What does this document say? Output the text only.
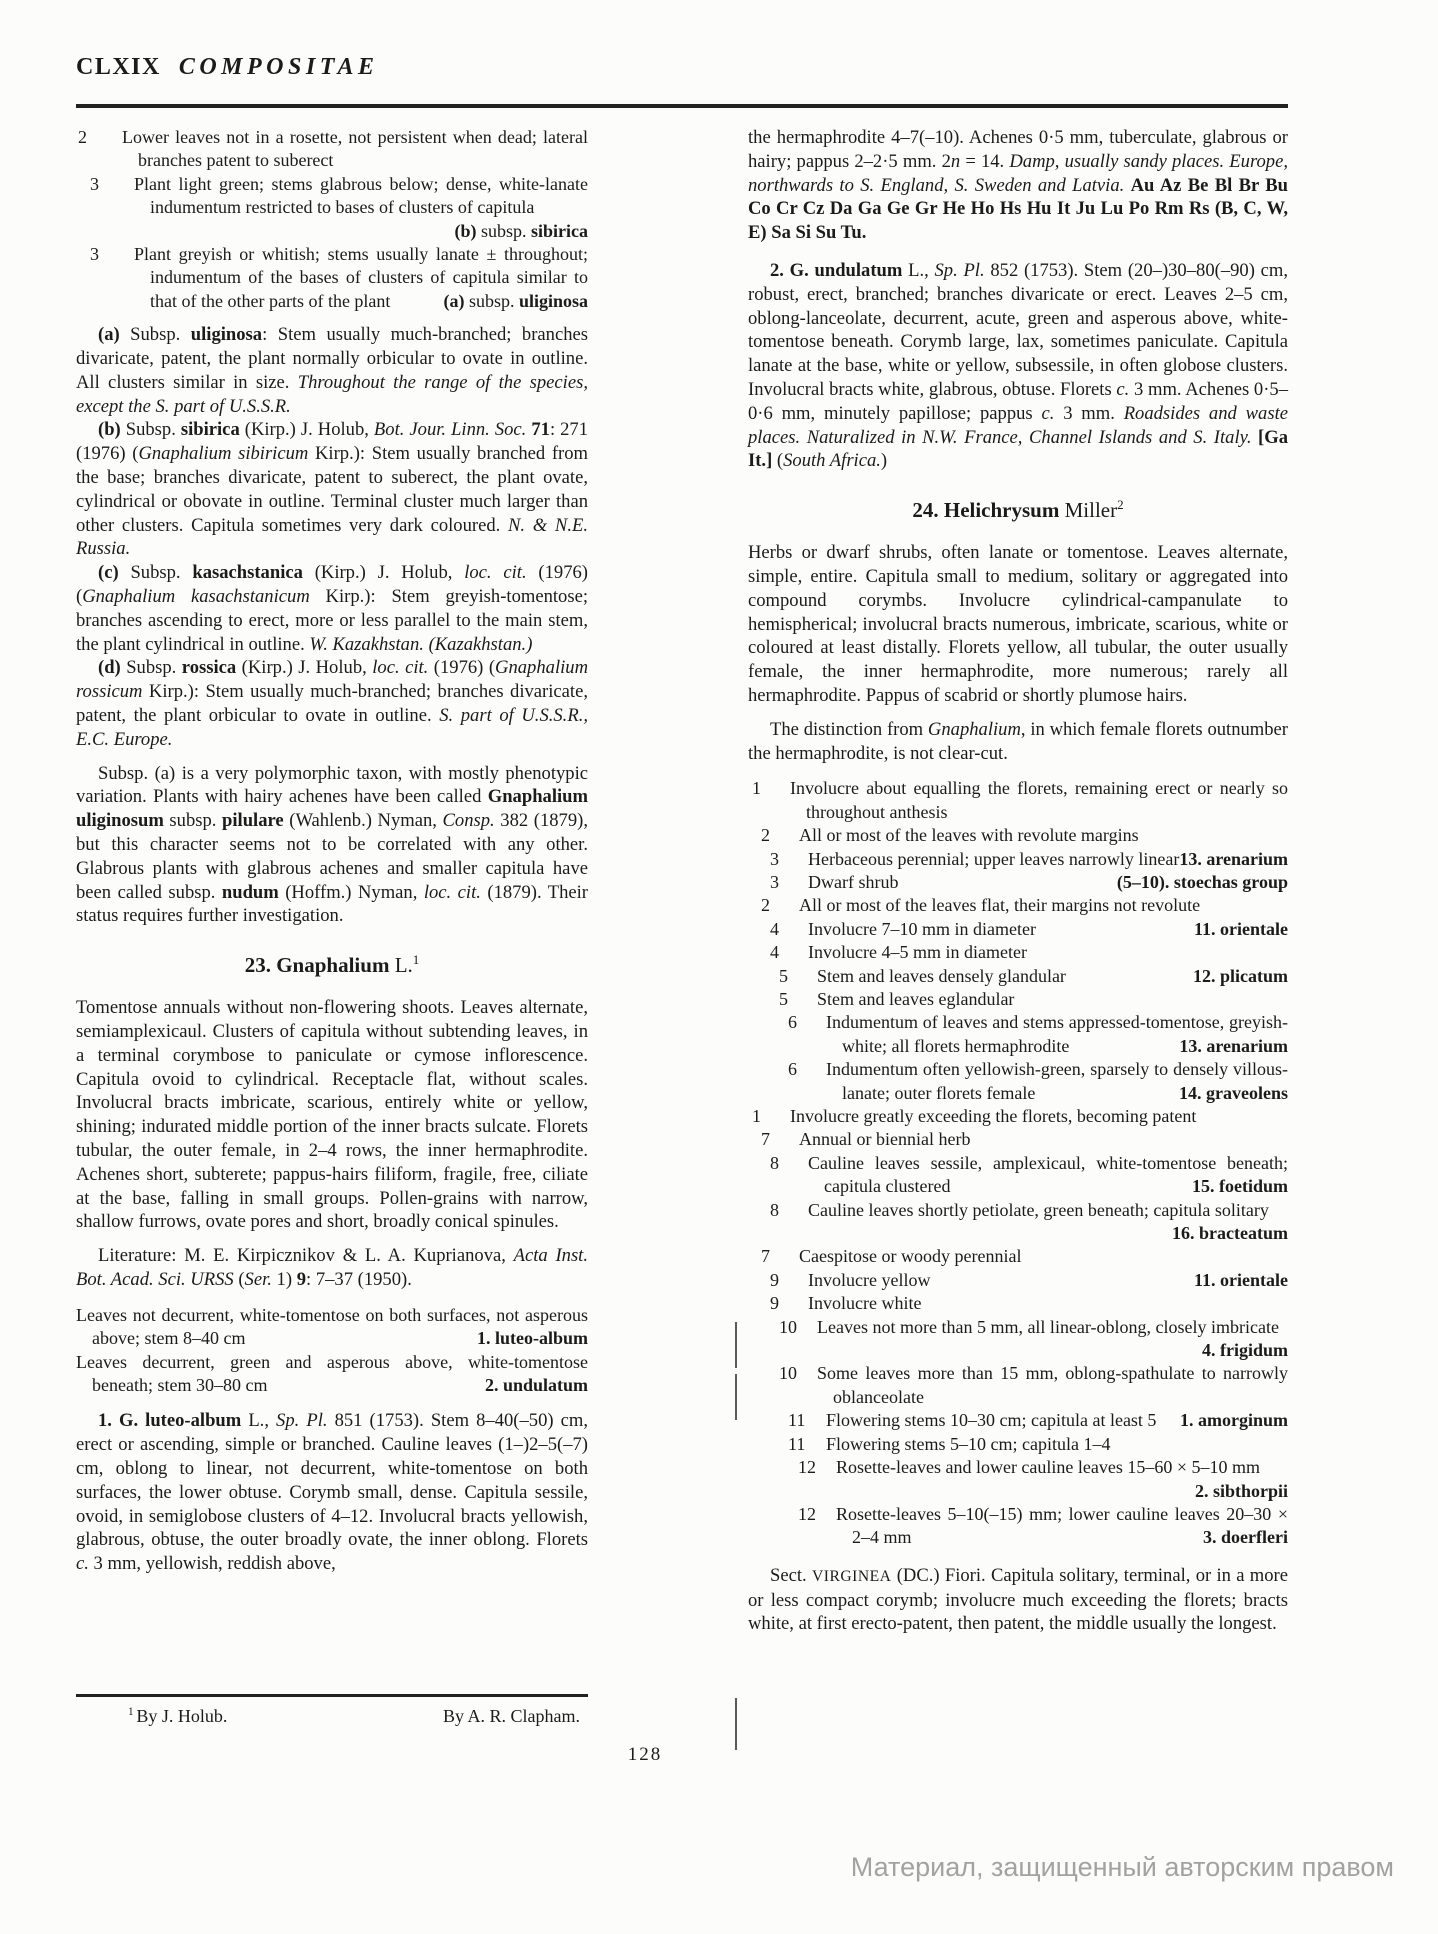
CLXIX COMPOSITAE
2 Lower leaves not in a rosette, not persistent when dead; lateral branches patent to suberect
3 Plant light green; stems glabrous below; dense, white-lanate indumentum restricted to bases of clusters of capitula
(b) subsp. sibirica
3 Plant greyish or whitish; stems usually lanate ± throughout; indumentum of the bases of clusters of capitula similar to that of the other parts of the plant	(a) subsp. uliginosa

(a) Subsp. uliginosa: Stem usually much-branched; branches divaricate, patent, the plant normally orbicular to ovate in outline. All clusters similar in size. Throughout the range of the species, except the S. part of U.S.S.R.

(b) Subsp. sibirica (Kirp.) J. Holub, Bot. Jour. Linn. Soc. 71: 271 (1976) (Gnaphalium sibiricum Kirp.): Stem usually branched from the base; branches divaricate, patent to suberect, the plant ovate, cylindrical or obovate in outline. Terminal cluster much larger than other clusters. Capitula sometimes very dark coloured. N. & N.E. Russia.

(c) Subsp. kasachstanica (Kirp.) J. Holub, loc. cit. (1976) (Gnaphalium kasachstanicum Kirp.): Stem greyish-tomentose; branches ascending to erect, more or less parallel to the main stem, the plant cylindrical in outline. W. Kazakhstan. (Kazakhstan.)

(d) Subsp. rossica (Kirp.) J. Holub, loc. cit. (1976) (Gnaphalium rossicum Kirp.): Stem usually much-branched; branches divaricate, patent, the plant orbicular to ovate in outline. S. part of U.S.S.R., E.C. Europe.

Subsp. (a) is a very polymorphic taxon, with mostly phenotypic variation. Plants with hairy achenes have been called Gnaphalium uliginosum subsp. pilulare (Wahlenb.) Nyman, Consp. 382 (1879), but this character seems not to be correlated with any other. Glabrous plants with glabrous achenes and smaller capitula have been called subsp. nudum (Hoffm.) Nyman, loc. cit. (1879). Their status requires further investigation.

23. Gnaphalium L.$^1$

Tomentose annuals without non-flowering shoots. Leaves alternate, semiamplexicaul. Clusters of capitula without subtending leaves, in a terminal corymbose to paniculate or cymose inflorescence. Capitula ovoid to cylindrical. Receptacle flat, without scales. Involucral bracts imbricate, scarious, entirely white or yellow, shining; indurated middle portion of the inner bracts sulcate. Florets tubular, the outer female, in 2–4 rows, the inner hermaphrodite. Achenes short, subterete; pappus-hairs filiform, fragile, free, ciliate at the base, falling in small groups. Pollen-grains with narrow, shallow furrows, ovate pores and short, broadly conical spinules.

Literature: M. E. Kirpicznikov & L. A. Kuprianova, Acta Inst. Bot. Acad. Sci. URSS (Ser. 1) 9: 7–37 (1950).

Leaves not decurrent, white-tomentose on both surfaces, not asperous above; stem 8–40 cm	1. luteo-album
Leaves decurrent, green and asperous above, white-tomentose beneath; stem 30–80 cm	2. undulatum

1. G. luteo-album L., Sp. Pl. 851 (1753). Stem 8–40(–50) cm, erect or ascending, simple or branched. Cauline leaves (1–)2–5(–7) cm, oblong to linear, not decurrent, white-tomentose on both surfaces, the lower obtuse. Corymb small, dense. Capitula sessile, ovoid, in semiglobose clusters of 4–12. Involucral bracts yellowish, glabrous, obtuse, the outer broadly ovate, the inner oblong. Florets c. 3 mm, yellowish, reddish above,

the hermaphrodite 4–7(–10). Achenes 0·5 mm, tuberculate, glabrous or hairy; pappus 2–2·5 mm. 2n = 14. Damp, usually sandy places. Europe, northwards to S. England, S. Sweden and Latvia. Au Az Be Bl Br Bu Co Cr Cz Da Ga Ge Gr He Ho Hs Hu It Ju Lu Po Rm Rs (B, C, W, E) Sa Si Su Tu.

2. G. undulatum L., Sp. Pl. 852 (1753). Stem (20–)30–80(–90) cm, robust, erect, branched; branches divaricate or erect. Leaves 2–5 cm, oblong-lanceolate, decurrent, acute, green and asperous above, white-tomentose beneath. Corymb large, lax, sometimes paniculate. Capitula lanate at the base, white or yellow, subsessile, in often globose clusters. Involucral bracts white, glabrous, obtuse. Florets c. 3 mm. Achenes 0·5–0·6 mm, minutely papillose; pappus c. 3 mm. Roadsides and waste places. Naturalized in N.W. France, Channel Islands and S. Italy. [Ga It.] (South Africa.)

24. Helichrysum Miller$^2$

Herbs or dwarf shrubs, often lanate or tomentose. Leaves alternate, simple, entire. Capitula small to medium, solitary or aggregated into compound corymbs. Involucre cylindrical-campanulate to hemispherical; involucral bracts numerous, imbricate, scarious, white or coloured at least distally. Florets yellow, all tubular, the outer usually female, the inner hermaphrodite, more numerous; rarely all hermaphrodite. Pappus of scabrid or shortly plumose hairs.

The distinction from Gnaphalium, in which female florets outnumber the hermaphrodite, is not clear-cut.

1 Involucre about equalling the florets, remaining erect or nearly so throughout anthesis
2 All or most of the leaves with revolute margins
3 Herbaceous perennial; upper leaves narrowly linear 13. arenarium
3 Dwarf shrub	(5–10). stoechas group
2 All or most of the leaves flat, their margins not revolute
4 Involucre 7–10 mm in diameter	11. orientale
4 Involucre 4–5 mm in diameter
5 Stem and leaves densely glandular	12. plicatum
5 Stem and leaves eglandular
6 Indumentum of leaves and stems appressed-tomentose, greyish-white; all florets hermaphrodite	13. arenarium
6 Indumentum often yellowish-green, sparsely to densely villous-lanate; outer florets female	14. graveolens
1 Involucre greatly exceeding the florets, becoming patent
7 Annual or biennial herb
8 Cauline leaves sessile, amplexicaul, white-tomentose beneath; capitula clustered	15. foetidum
8 Cauline leaves shortly petiolate, green beneath; capitula solitary
16. bracteatum
7 Caespitose or woody perennial
9 Involucre yellow	11. orientale
9 Involucre white
10 Leaves not more than 5 mm, all linear-oblong, closely imbricate
4. frigidum
10 Some leaves more than 15 mm, oblong-spathulate to narrowly oblanceolate
11 Flowering stems 10–30 cm; capitula at least 5 1. amorginum
11 Flowering stems 5–10 cm; capitula 1–4
12 Rosette-leaves and lower cauline leaves 15–60 × 5–10 mm
2. sibthorpii
12 Rosette-leaves 5–10(–15) mm; lower cauline leaves 20–30 × 2–4 mm	3. doerfleri

Sect. VIRGINEA (DC.) Fiori. Capitula solitary, terminal, or in a more or less compact corymb; involucre much exceeding the florets; bracts white, at first erecto-patent, then patent, the middle usually the longest.

$^1$ By J. Holub.	By A. R. Clapham.
128
Материал, защищенный авторским правом
